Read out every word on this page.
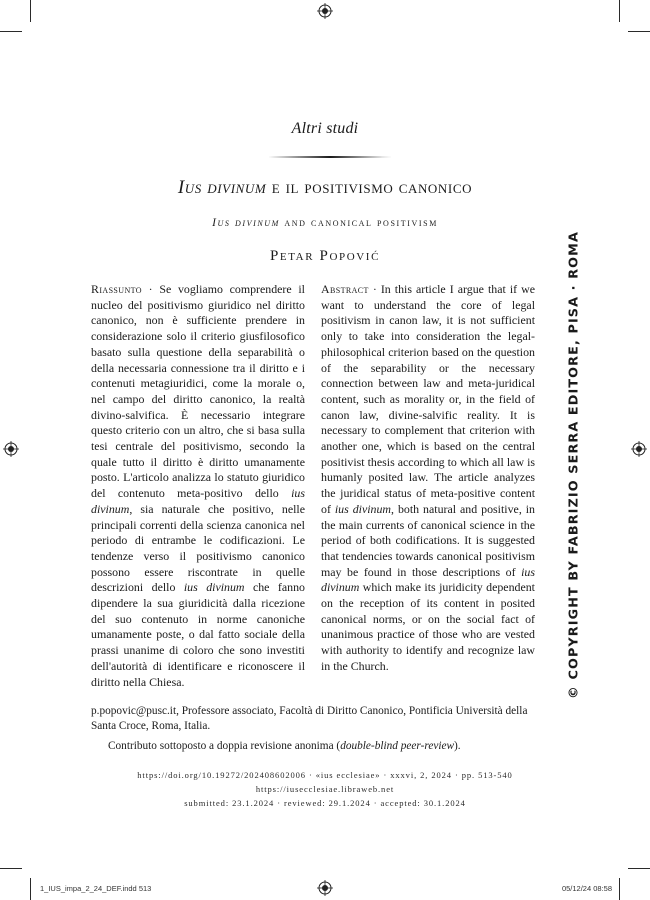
Altri studi
Ius divinum e il positivismo canonico
Ius divinum and canonical positivism
Petar Popović
Riassunto · Se vogliamo comprendere il nucleo del positivismo giuridico nel diritto canonico, non è sufficiente prendere in considerazione solo il criterio giusfilosofico basato sulla questione della separabilità o della necessaria connessione tra il diritto e i contenuti metagiuridici, come la morale o, nel campo del diritto canonico, la realtà divino-salvifica. È necessario integrare questo criterio con un altro, che si basa sulla tesi centrale del positivismo, secondo la quale tutto il diritto è diritto umanamente posto. L'articolo analizza lo statuto giuridico del contenuto meta-positivo dello ius divinum, sia naturale che positivo, nelle principali correnti della scienza canonica nel periodo di entrambe le codificazioni. Le tendenze verso il positivismo canonico possono essere riscontrate in quelle descrizioni dello ius divinum che fanno dipendere la sua giuridicità dalla ricezione del suo contenuto in norme canoniche umanamente poste, o dal fatto sociale della prassi unanime di coloro che sono investiti dell'autorità di identificare e riconoscere il diritto nella Chiesa.
Abstract · In this article I argue that if we want to understand the core of legal positivism in canon law, it is not sufficient only to take into consideration the legal-philosophical criterion based on the question of the separability or the necessary connection between law and meta-juridical content, such as morality or, in the field of canon law, divine-salvific reality. It is necessary to complement that criterion with another one, which is based on the central positivist thesis according to which all law is humanly posited law. The article analyzes the juridical status of meta-positive content of ius divinum, both natural and positive, in the main currents of canonical science in the period of both codifications. It is suggested that tendencies towards canonical positivism may be found in those descriptions of ius divinum which make its juridicity dependent on the reception of its content in posited canonical norms, or on the social fact of unanimous practice of those who are vested with authority to identify and recognize law in the Church.
p.popovic@pusc.it, Professore associato, Facoltà di Diritto Canonico, Pontificia Università della Santa Croce, Roma, Italia.
Contributo sottoposto a doppia revisione anonima (double-blind peer-review).
https://doi.org/10.19272/202408602006 · «ius ecclesiae» · xxxvi, 2, 2024 · pp. 513-540
https://iusecclesiae.libraweb.net
submitted: 23.1.2024 · reviewed: 29.1.2024 · accepted: 30.1.2024
© COPYRIGHT BY FABRIZIO SERRA EDITORE, PISA · ROMA
1_IUS_impa_2_24_DEF.indd 513	05/12/24 08:58
